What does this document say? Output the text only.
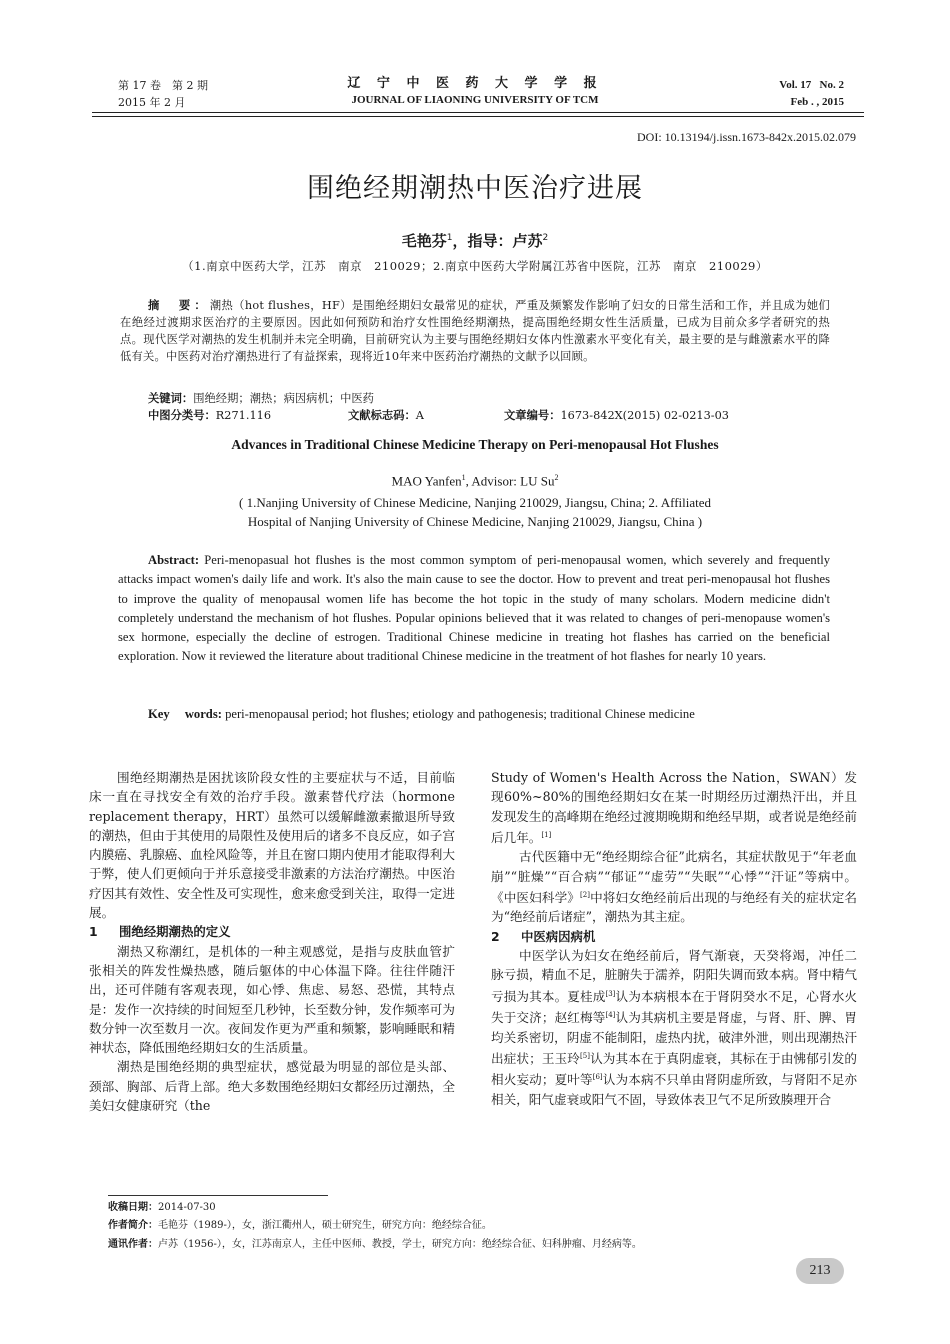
第 17 卷　第 2 期
2015 年 2 月
辽 宁 中 医 药 大 学 学 报
JOURNAL OF LIAONING UNIVERSITY OF TCM
Vol. 17 No. 2
Feb . , 2015
DOI: 10.13194/j.issn.1673-842x.2015.02.079
围绝经期潮热中医治疗进展
毛艳芬$^1$，指导：卢苏$^2$
（1.南京中医药大学，江苏　南京　210029；2.南京中医药大学附属江苏省中医院，江苏　南京　210029）
摘　要：潮热（hot flushes，HF）是围绝经期妇女最常见的症状，严重及频繁发作影响了妇女的日常生活和工作，并且成为她们在绝经过渡期求医治疗的主要原因。因此如何预防和治疗女性围绝经期潮热，提高围绝经期女性生活质量，已成为目前众多学者研究的热点。现代医学对潮热的发生机制并未完全明确，目前研究认为主要与围绝经期妇女体内性激素水平变化有关，最主要的是与雌激素水平的降低有关。中医药对治疗潮热进行了有益探索，现将近10年来中医药治疗潮热的文献予以回顾。
关键词：围绝经期；潮热；病因病机；中医药
中图分类号：R271.116	文献标志码：A	文章编号：1673-842X(2015) 02-0213-03
Advances in Traditional Chinese Medicine Therapy on Peri-menopausal Hot Flushes
MAO Yanfen$^1$, Advisor: LU Su$^2$
( 1.Nanjing University of Chinese Medicine, Nanjing 210029, Jiangsu, China; 2. Affiliated
Hospital of Nanjing University of Chinese Medicine, Nanjing 210029, Jiangsu, China )
Abstract: Peri-menopasual hot flushes is the most common symptom of peri-menopausal women, which severely and frequently attacks impact women's daily life and work. It's also the main cause to see the doctor. How to prevent and treat peri-menopausal hot flushes to improve the quality of menopausal women life has become the hot topic in the study of many scholars. Modern medicine didn't completely understand the mechanism of hot flushes. Popular opinions believed that it was related to changes of peri-menopause women's sex hormone, especially the decline of estrogen. Traditional Chinese medicine in treating hot flashes has carried on the beneficial exploration. Now it reviewed the literature about traditional Chinese medicine in the treatment of hot flashes for nearly 10 years.
Key words: peri-menopausal period; hot flushes; etiology and pathogenesis; traditional Chinese medicine

围绝经期潮热是困扰该阶段女性的主要症状与不适，目前临床一直在寻找安全有效的治疗手段。激素替代疗法（hormone replacement therapy，HRT）虽然可以缓解雌激素撤退所导致的潮热，但由于其使用的局限性及使用后的诸多不良反应，如子宫内膜癌、乳腺癌、血栓风险等，并且在窗口期内使用才能取得利大于弊，使人们更倾向于并乐意接受非激素的方法治疗潮热。中医治疗因其有效性、安全性及可实现性，愈来愈受到关注，取得一定进展。

1 围绝经期潮热的定义

潮热又称潮红，是机体的一种主观感觉，是指与皮肤血管扩张相关的阵发性燥热感，随后躯体的中心体温下降。往往伴随汗出，还可伴随有客观表现，如心悸、焦虑、易怒、恐慌，其特点是：发作一次持续的时间短至几秒钟，长至数分钟，发作频率可为数分钟一次至数月一次。夜间发作更为严重和频繁，影响睡眠和精神状态，降低围绝经期妇女的生活质量。

潮热是围绝经期的典型症状，感觉最为明显的部位是头部、颈部、胸部、后背上部。绝大多数围绝经期妇女都经历过潮热，全美妇女健康研究（the

Study of Women's Health Across the Nation，SWAN）发现60%~80%的围绝经期妇女在某一时期经历过潮热汗出，并且发现发生的高峰期在绝经过渡期晚期和绝经早期，或者说是绝经前后几年。[1]

古代医籍中无“绝经期综合征”此病名，其症状散见于“年老血崩”“脏燥”“百合病”“郁证”“虚劳”“失眠”“心悸”“汗证”等病中。《中医妇科学》[2]中将妇女绝经前后出现的与绝经有关的症状定名为“绝经前后诸症”，潮热为其主症。

2 中医病因病机

中医学认为妇女在绝经前后，肾气渐衰，天癸将竭，冲任二脉亏损，精血不足，脏腑失于濡养，阴阳失调而致本病。肾中精气亏损为其本。夏桂成[3]认为本病根本在于肾阴癸水不足，心肾水火失于交济；赵红梅等[4]认为其病机主要是肾虚，与肾、肝、脾、胃均关系密切，阴虚不能制阳，虚热内扰，破津外泄，则出现潮热汗出症状；王玉玲[5]认为其本在于真阴虚衰，其标在于由怫郁引发的相火妄动；夏叶等[6]认为本病不只单由肾阴虚所致，与肾阳不足亦相关，阳气虚衰或阳气不固，导致体表卫气不足所致腠理开合

收稿日期：2014-07-30
作者简介：毛艳芬（1989-），女，浙江衢州人，硕士研究生，研究方向：绝经综合征。
通讯作者：卢苏（1956-），女，江苏南京人，主任中医师、教授，学士，研究方向：绝经综合征、妇科肿瘤、月经病等。
213
